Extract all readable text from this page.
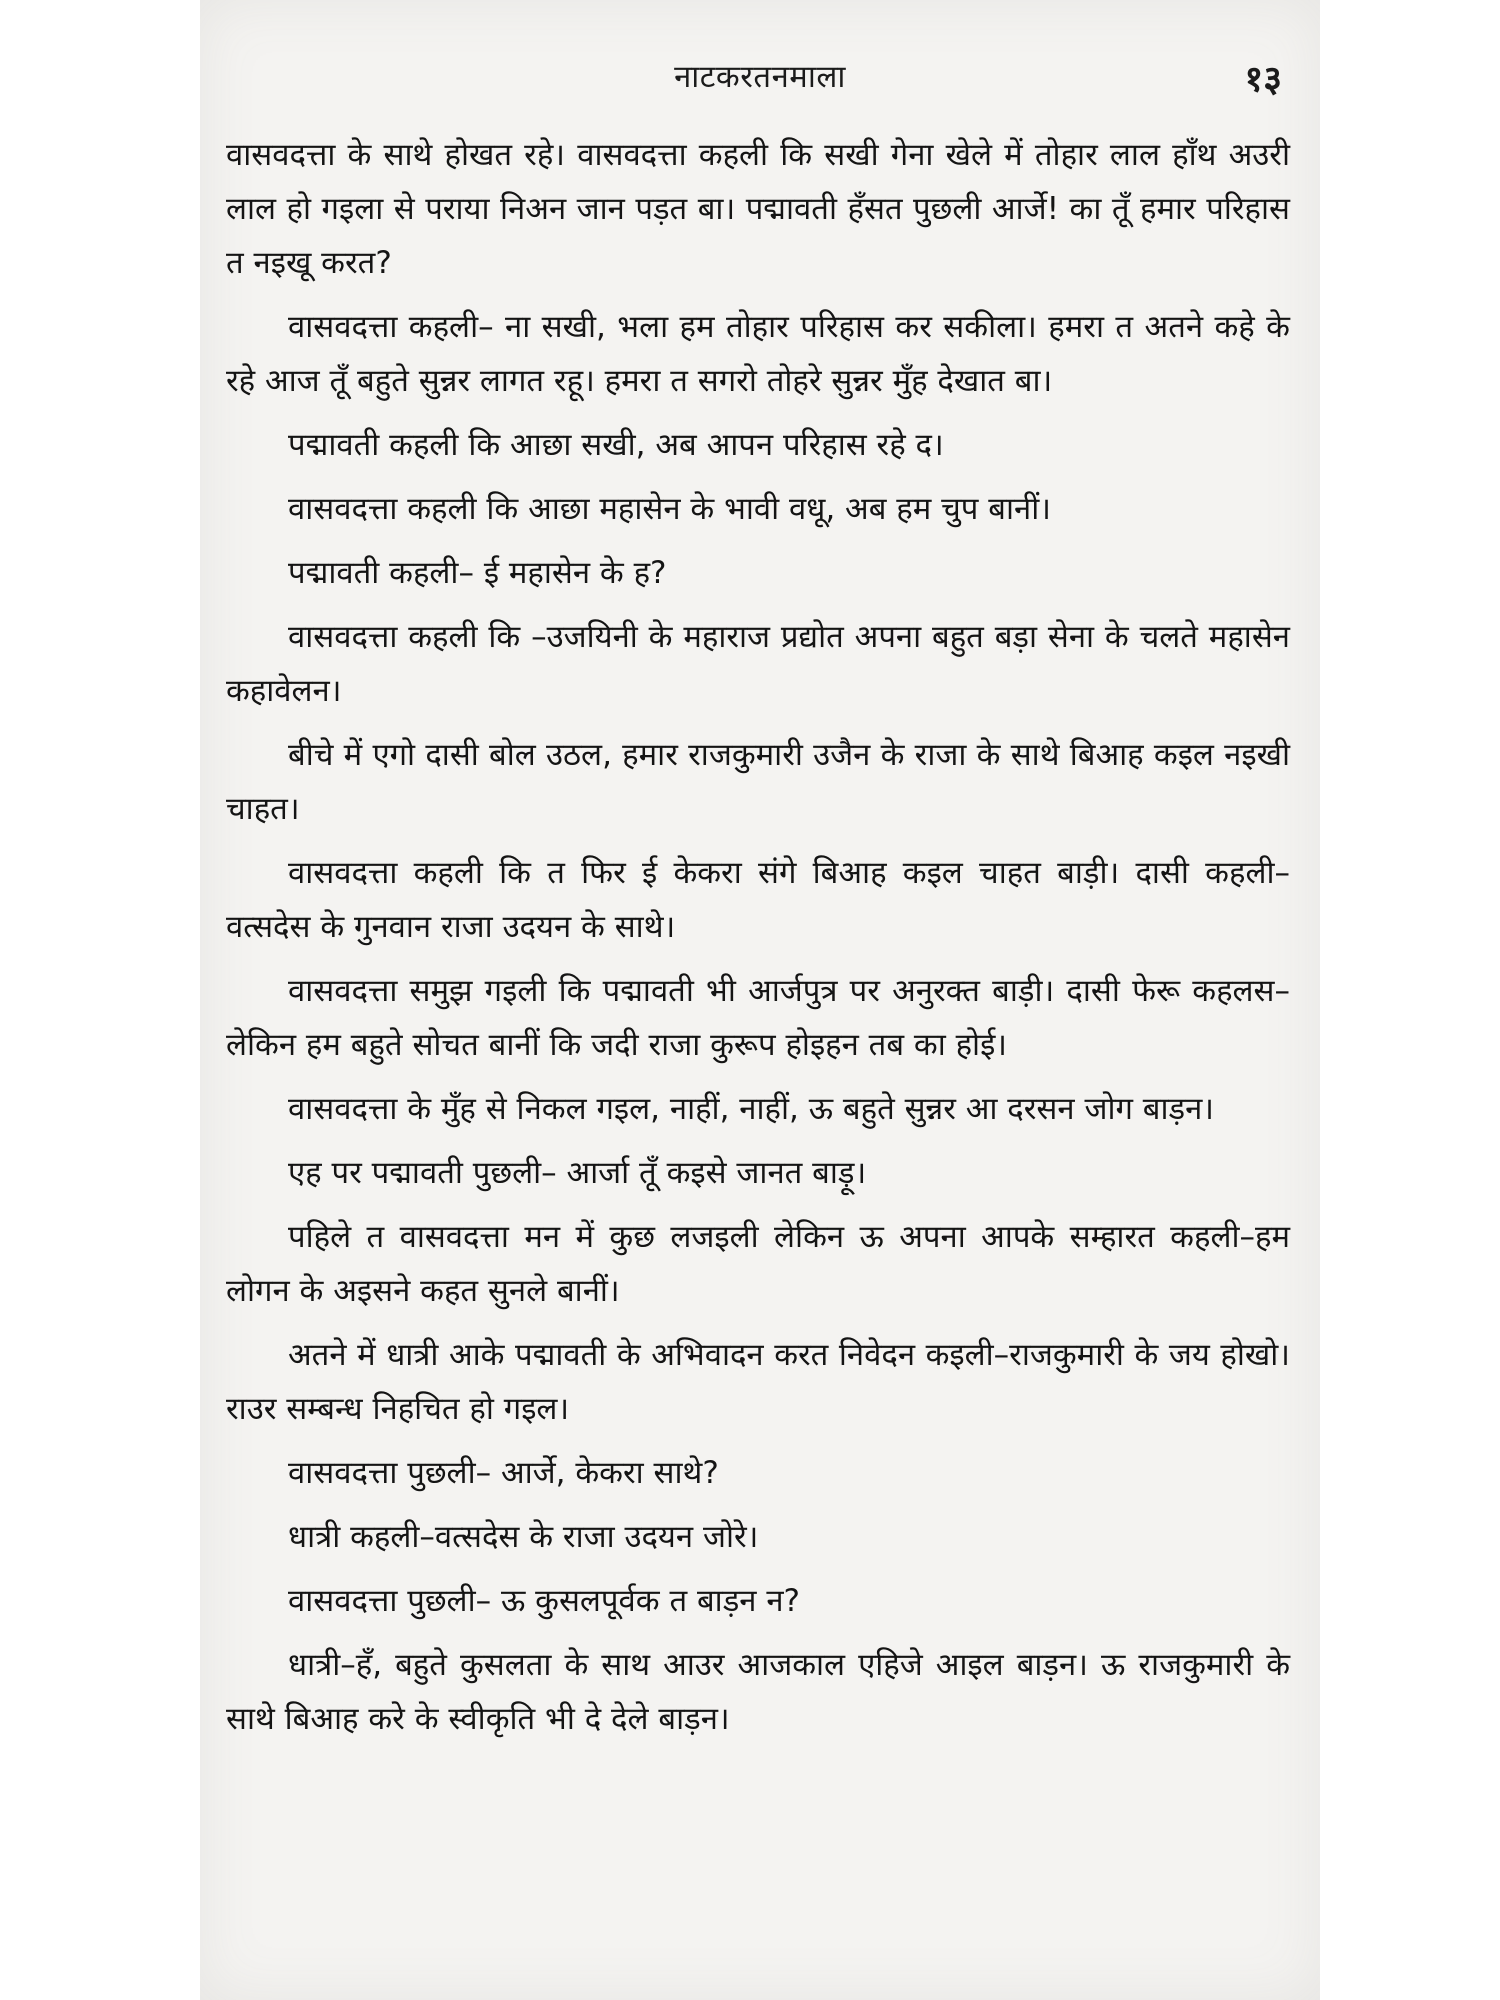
नाटकरतनमाला	१३

वासवदत्ता के साथे होखत रहे। वासवदत्ता कहली कि सखी गेना खेले में तोहार लाल हाँथ अउरी लाल हो गइला से पराया निअन जान पड़त बा। पद्मावती हँसत पुछली आर्जे! का तूँ हमार परिहास त नइखू करत?

वासवदत्ता कहली– ना सखी, भला हम तोहार परिहास कर सकीला। हमरा त अतने कहे के रहे आज तूँ बहुते सुन्नर लागत रहू। हमरा त सगरो तोहरे सुन्नर मुँह देखात बा।

पद्मावती कहली कि आछा सखी, अब आपन परिहास रहे द।

वासवदत्ता कहली कि आछा महासेन के भावी वधू, अब हम चुप बानीं।

पद्मावती कहली– ई महासेन के ह?

वासवदत्ता कहली कि –उजयिनी के महाराज प्रद्योत अपना बहुत बड़ा सेना के चलते महासेन कहावेलन।

बीचे में एगो दासी बोल उठल, हमार राजकुमारी उजैन के राजा के साथे बिआह कइल नइखी चाहत।

वासवदत्ता कहली कि त फिर ई केकरा संगे बिआह कइल चाहत बाड़ी। दासी कहली– वत्सदेस के गुनवान राजा उदयन के साथे।

वासवदत्ता समुझ गइली कि पद्मावती भी आर्जपुत्र पर अनुरक्त बाड़ी। दासी फेरू कहलस–लेकिन हम बहुते सोचत बानीं कि जदी राजा कुरूप होइहन तब का होई।

वासवदत्ता के मुँह से निकल गइल, नाहीं, नाहीं, ऊ बहुते सुन्नर आ दरसन जोग बाड़न।

एह पर पद्मावती पुछली– आर्जा तूँ कइसे जानत बाड़ू।

पहिले त वासवदत्ता मन में कुछ लजइली लेकिन ऊ अपना आपके सम्हारत कहली–हम लोगन के अइसने कहत सुनले बानीं।

अतने में धात्री आके पद्मावती के अभिवादन करत निवेदन कइली–राजकुमारी के जय होखो। राउर सम्बन्ध निहचित हो गइल।

वासवदत्ता पुछली– आर्जे, केकरा साथे?

धात्री कहली–वत्सदेस के राजा उदयन जोरे।

वासवदत्ता पुछली– ऊ कुसलपूर्वक त बाड़न न?

धात्री–हँ, बहुते कुसलता के साथ आउर आजकाल एहिजे आइल बाड़न। ऊ राजकुमारी के साथे बिआह करे के स्वीकृति भी दे देले बाड़न।
